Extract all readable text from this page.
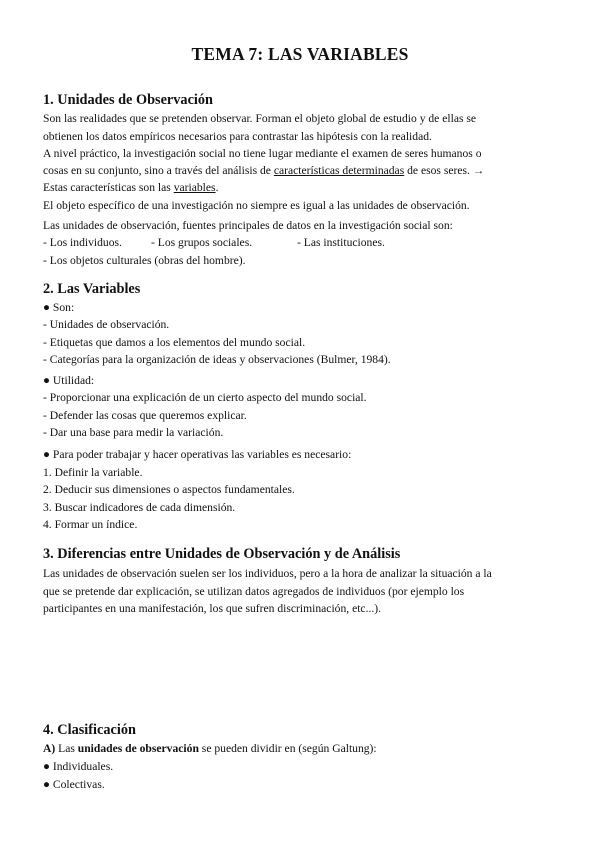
TEMA 7: LAS VARIABLES
1. Unidades de Observación
Son las realidades que se pretenden observar. Forman el objeto global de estudio y de ellas se
obtienen los datos empíricos necesarios para contrastar las hipótesis con la realidad.
A nivel práctico, la investigación social no tiene lugar mediante el examen de seres humanos o
cosas en su conjunto, sino a través del análisis de características determinadas de esos seres. →
Estas características son las variables.
El objeto específico de una investigación no siempre es igual a las unidades de observación.
Las unidades de observación, fuentes principales de datos en la investigación social son:
- Los individuos.	- Los grupos sociales.	- Las instituciones.
- Los objetos culturales (obras del hombre).
2. Las Variables
● Son:
- Unidades de observación.
- Etiquetas que damos a los elementos del mundo social.
- Categorías para la organización de ideas y observaciones (Bulmer, 1984).
● Utilidad:
- Proporcionar una explicación de un cierto aspecto del mundo social.
- Defender las cosas que queremos explicar.
- Dar una base para medir la variación.
● Para poder trabajar y hacer operativas las variables es necesario:
1. Definir la variable.
2. Deducir sus dimensiones o aspectos fundamentales.
3. Buscar indicadores de cada dimensión.
4. Formar un índice.
3. Diferencias entre Unidades de Observación y de Análisis
Las unidades de observación suelen ser los individuos, pero a la hora de analizar la situación a la
que se pretende dar explicación, se utilizan datos agregados de individuos (por ejemplo los
participantes en una manifestación, los que sufren discriminación, etc...).
4. Clasificación
A) Las unidades de observación se pueden dividir en (según Galtung):
● Individuales.
● Colectivas.
